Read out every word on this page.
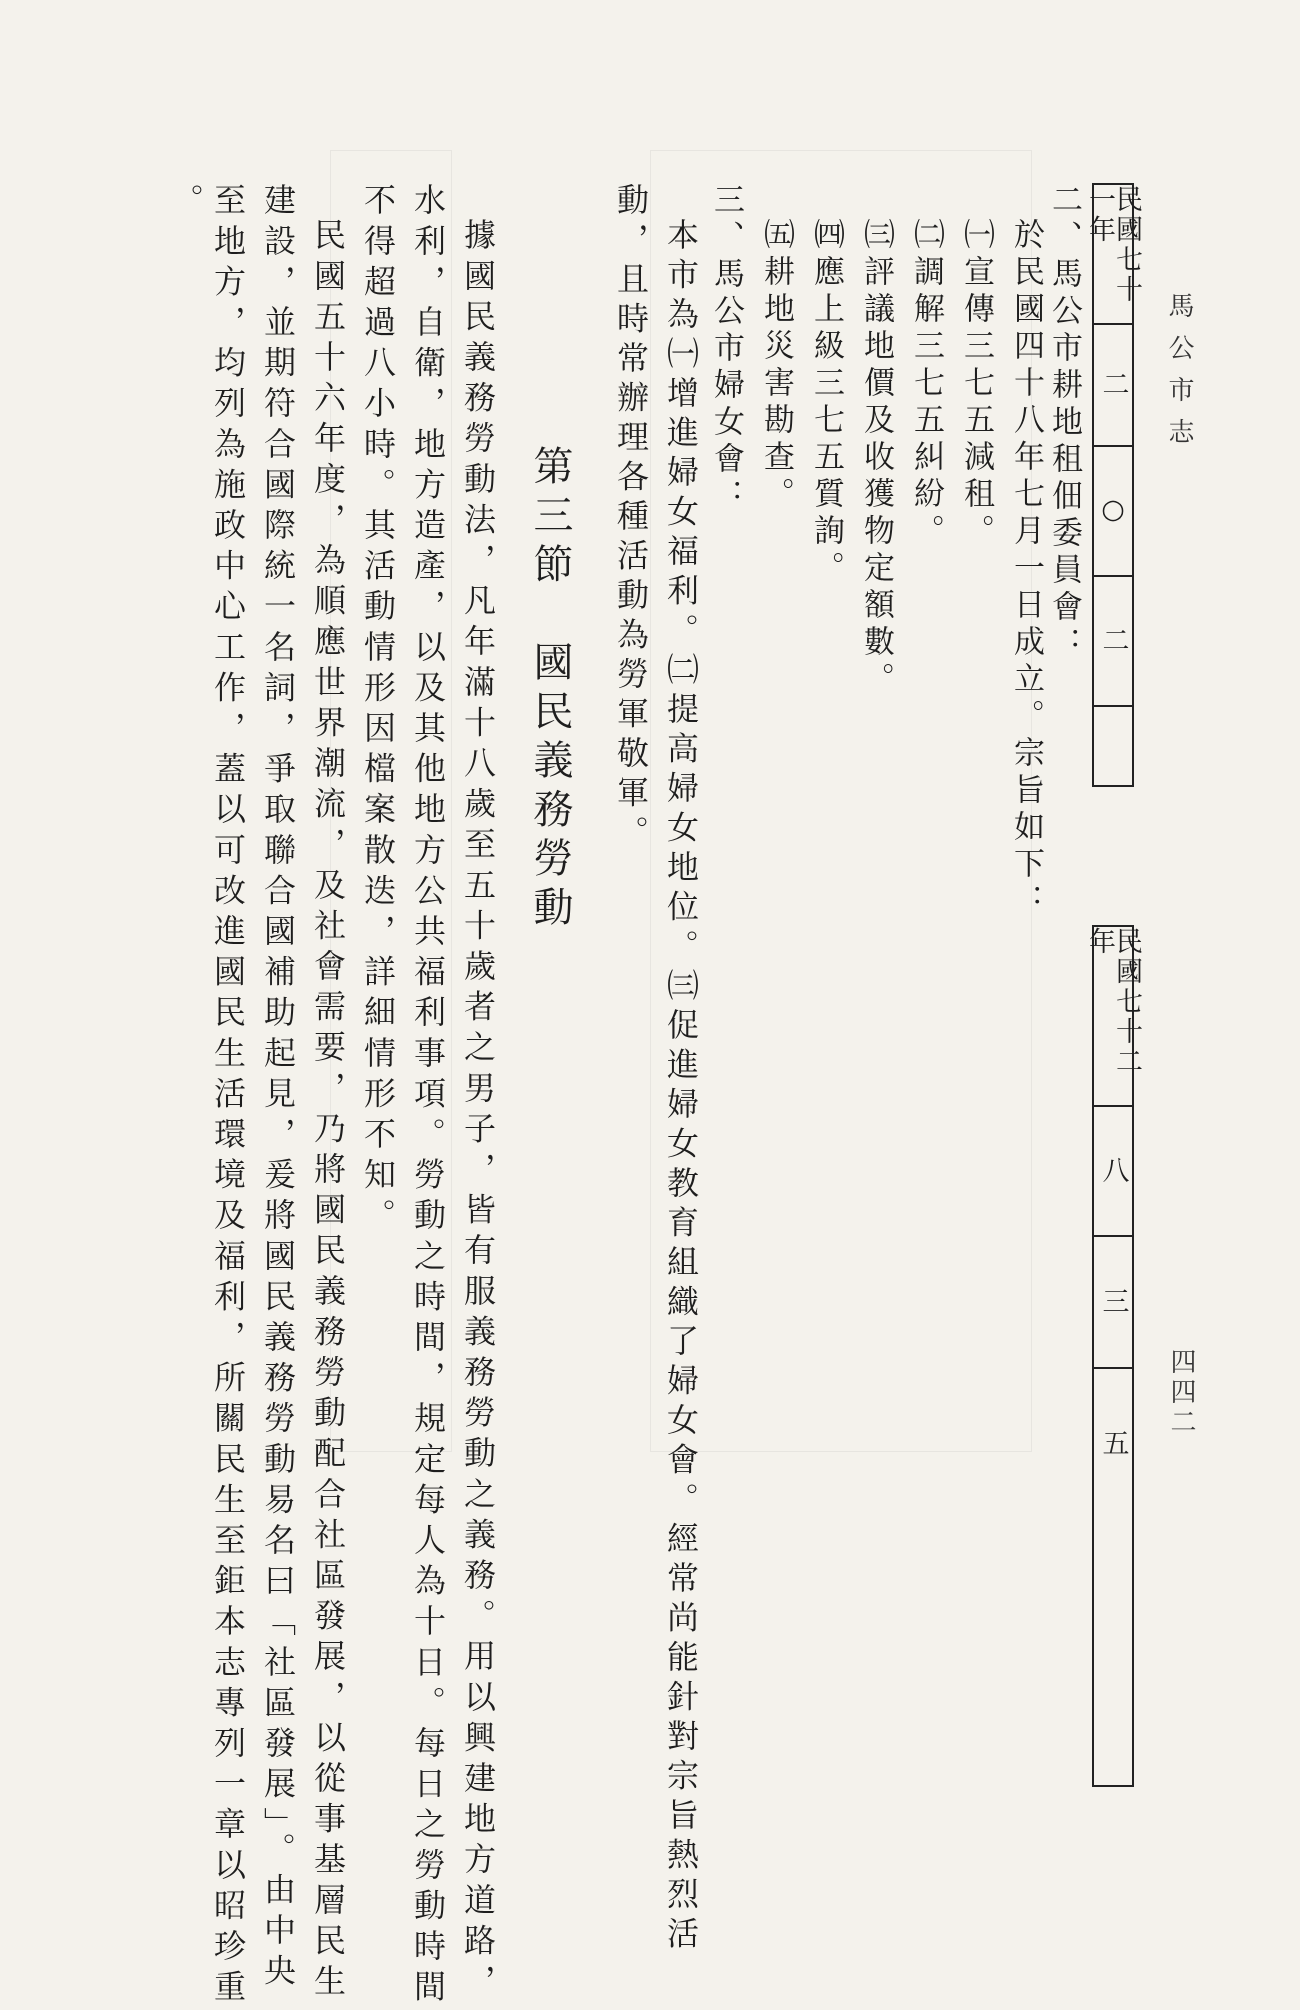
馬公市志
四四二
民國七十一年
二
○
二
民國七十二年
八
三
五
二、馬公市耕地租佃委員會：
於民國四十八年七月一日成立。宗旨如下：
㈠宣傳三七五減租。
㈡調解三七五糾紛。
㈢評議地價及收獲物定額數。
㈣應上級三七五質詢。
㈤耕地災害勘查。
三、馬公市婦女會：
本市為㈠增進婦女福利。㈡提高婦女地位。㈢促進婦女教育組織了婦女會。經常尚能針對宗旨熱烈活
動，且時常辦理各種活動為勞軍敬軍。
第三節　國民義務勞動
據國民義務勞動法，凡年滿十八歲至五十歲者之男子，皆有服義務勞動之義務。用以興建地方道路，
水利，自衛，地方造產，以及其他地方公共福利事項。勞動之時間，規定每人為十日。每日之勞動時間
不得超過八小時。其活動情形因檔案散迭，詳細情形不知。
民國五十六年度，為順應世界潮流，及社會需要，乃將國民義務勞動配合社區發展，以從事基層民生
建設，並期符合國際統一名詞，爭取聯合國補助起見，爰將國民義務勞動易名曰「社區發展」。由中央
至地方，均列為施政中心工作，蓋以可改進國民生活環境及福利，所關民生至鉅本志專列一章以昭珍重
。
